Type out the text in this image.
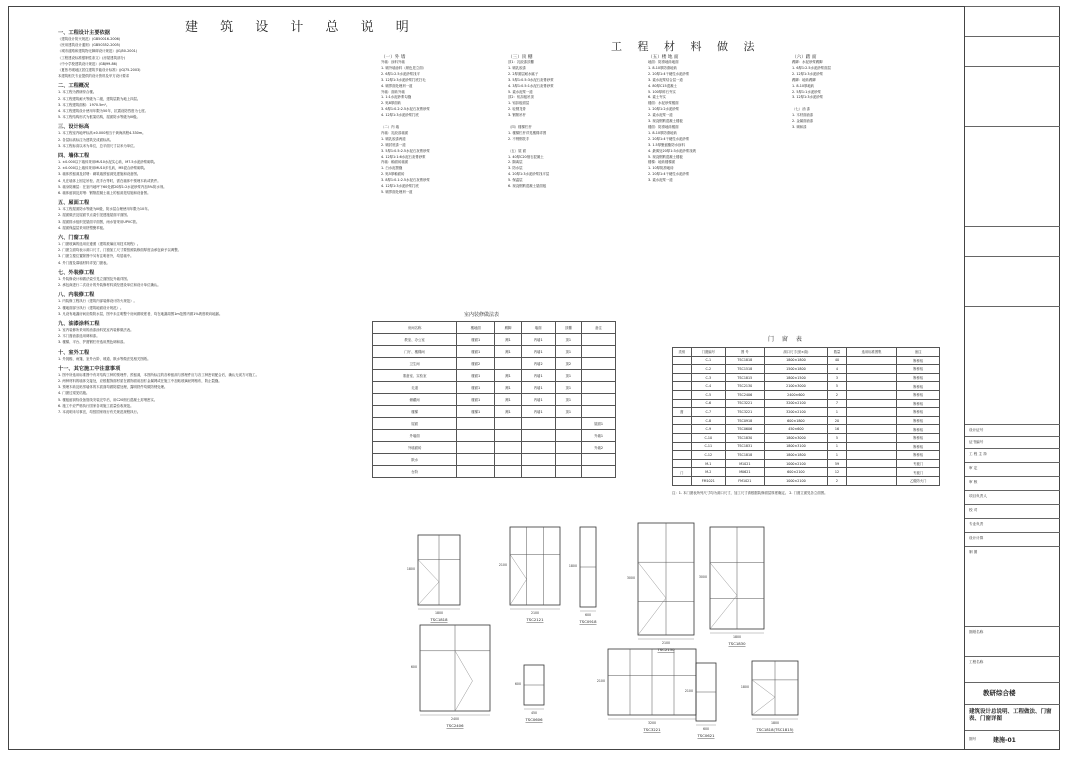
建 筑 设 计 总 说 明
工 程 材 料 做 法
一、工程设计主要依据
《建筑设计防火规范》(GB50016-2006)
《民用建筑设计通则》(GB50352-2005)
《城市道路和建筑物无障碍设计规范》(JGJ50-2001)
《工程建设标准强制性条文》(房屋建筑部分)
《中小学校建筑设计规范》(GBJ99-86)
《夏热冬暖地区居住建筑节能设计标准》(JGJ75-2003)
本建筑相关专业提供的设计资料及甲方设计要求
二、工程概况
1. 本工程为教研综合楼。
2. 本工程建筑耐火等级为二级，建筑层数为地上四层。
3. 本工程建筑面积：1970.5m²。
4. 本工程建筑设计使用年限为50年，抗震设防烈度为七度。
5. 本工程结构形式为框架结构，屋面防水等级为III级。
三、设计标高
1. 本工程室内地坪标高±0.000相当于黄海高程4.330m。
2. 各层标高标注为建筑完成面标高。
3. 本工程标高以米为单位，总平面尺寸以米为单位。
四、墙体工程
1. ±0.000以下墙体采用MU10水泥实心砖，M7.5水泥砂浆砌筑。
2. ±0.000以上墙体采用MU10多孔砖，M5混合砂浆砌筑。
3. 墙体预留洞及封堵：砌筑墙预留洞见建施和设备图。
4. 凡在墙体上固定吊柜、洗手台等时，需在墙体中预埋木砖或铁件。
5. 墙身防潮层：在室内地坪下60处做20厚1:2水泥砂浆内加5%防水剂。
6. 墙体留洞及封堵：钢筋混凝土墙上的留洞见结施和设备图。
五、屋面工程
1. 本工程屋面防水等级为III级，防水层合理使用年限为10年。
2. 屋面做法及屋面节点索引见建施屋面平面图。
3. 屋面排水组织见屋面平面图，雨水管采用UPVC管。
4. 屋面保温层采用挤塑聚苯板。
六、门窗工程
1. 门窗玻璃的选用应遵照《建筑玻璃应用技术规程》。
2. 门窗立面均表示洞口尺寸，门窗加工尺寸要按照装修面厚度由承包商予以调整。
3. 门窗立樘位置除图中另有注明者外，均居墙中。
4. 外门窗及幕墙材料详见门窗表。
七、外装修工程
1. 外装修设计和做法索引见立面图及外墙详图。
2. 承包商进行二次设计的外装修材料须经建设单位和设计单位确认。
八、内装修工程
1. 内装修工程执行《建筑内部装修设计防火规范》。
2. 楼地面部分执行《建筑地面设计规范》。
3. 凡设有地漏房间应做防水层，图中未注明整个房间做坡度者，均在地漏周围1m范围内做1%坡度坡向地漏。
九、油漆涂料工程
1. 室内装修所采用的油漆涂料见室内装修做法表。
2. 木门窗油漆选用调和漆。
3. 楼梯、平台、护窗钢栏杆选用黑色调和漆。
十、室外工程
1. 外挑檐、雨篷、室外台阶、坡道、散水等做法见相关图纸。
十一、其它施工中注意事项
1. 图中所选用标准图中有对结构工种的预埋件、预留洞，本图所标注的各种留洞与预埋件应与各工种密切配合后，确认无误方可施工。
2. 两种材料的墙体交接处，应根据饰面材质在做饰面前加钉金属网或在施工中加贴玻璃丝网格布，防止裂缝。
3. 预埋木砖及贴邻墙体的木质面均做防腐处理，露明铁件均做防锈处理。
4. 门窗过梁见结施。
5. 楼板留洞待设备管线安装完毕后，用C20细石混凝土封堵密实。
6. 施工中应严格执行国家各项施工质量验收规范。
7. 本说明未尽事宜，均按国家现行有关规范规程执行。
（一）外 墙
外墙：涂料外墙
1. 刷外墙涂料（颜色见立面）
2. 6厚1:2.5水泥砂浆找平
3. 12厚1:3水泥砂浆打底扫毛
4. 刷界面处理剂一道
外墙：面砖外墙
1. 1:1水泥砂浆勾缝
2. 贴8厚面砖
3. 6厚1:0.2:2.5水泥石灰膏砂浆
4. 12厚1:3水泥砂浆打底

（二）内 墙
内墙：乳胶漆墙面
1. 刷乳胶漆两道
2. 刷封底漆一道
3. 5厚1:0.5:2.5水泥石灰膏砂浆
4. 12厚1:1:6水泥石灰膏砂浆
内墙：釉面砖墙面
1. 白水泥擦缝
2. 贴5厚釉面砖
3. 8厚1:0.1:2.5水泥石灰膏砂浆
4. 12厚1:3水泥砂浆打底
5. 刷界面处理剂一道
（三）顶 棚
顶1：乳胶漆顶棚
1. 刷乳胶漆
2. 2厚面层耐水腻子
3. 5厚1:0.5:3水泥石灰膏砂浆
4. 3厚1:0.5:1水泥石灰膏砂浆
5. 素水泥浆一道
顶2：铝扣板吊顶
1. 铝扣板面层
2. 轻钢龙骨
3. 钢筋吊杆

（四）楼梯栏杆
1. 楼梯栏杆详见楼梯详图
2. 不锈钢扶手

（五）屋 面
1. 40厚C20细石混凝土
2. 隔离层
3. 防水层
4. 20厚1:3水泥砂浆找平层
5. 保温层
6. 现浇钢筋混凝土屋面板
（五）楼 地 面
地面：防滑地砖地面
1. 8-10厚防滑地砖
2. 20厚1:4干硬性水泥砂浆
3. 素水泥浆结合层一道
4. 80厚C15混凝土
5. 100厚碎石夯实
6. 素土夯实
楼面：水泥砂浆楼面
1. 20厚1:2水泥砂浆
2. 素水泥浆一道
3. 现浇钢筋混凝土楼板
楼面：防滑地砖楼面
1. 8-10厚防滑地砖
2. 20厚1:4干硬性水泥砂浆
3. 1.5厚聚氨酯防水涂料
4. 最薄处20厚1:3水泥砂浆找坡
5. 现浇钢筋混凝土楼板
楼梯：地砖楼梯面
1. 10厚防滑地砖
2. 20厚1:4干硬性水泥砂浆
3. 素水泥浆一道
（六）踏 面
踢脚：水泥砂浆踢脚
1. 6厚1:2.5水泥砂浆面层
2. 12厚1:3水泥砂浆
踢脚：地砖踢脚
1. 8-10厚地砖
2. 5厚1:1水泥砂浆
3. 12厚1:3水泥砂浆

（七）油 漆
1. 木材面油漆
2. 金属面油漆
3. 调和漆
室内装修做法表
房间名称	楼地面	踢脚	墙面	顶棚	备注
教室、办公室	楼面1	踢1	内墙1	顶1	
门厅、楼梯间	楼面1	踢1	内墙1	顶1	
卫生间	楼面2		内墙2	顶2	
准备室、实验室	楼面1	踢1	内墙1	顶1	
走道	楼面1	踢1	内墙1	顶1	
储藏间	楼面1	踢1	内墙1	顶1	
楼梯	楼梯1	踢1	内墙1	顶1	
屋面					屋面1
外墙面					外墙1
外墙面砖					外墙2
散水					
台阶					
门 窗 表
类别	门窗编号	图 号	洞口尺寸(宽×高)	数量	选用标准图集	备注
	C-1	TSC1818	1800×1800	40		断桥铝
	C-2	TSC1518	1500×1800	4		断桥铝
	C-3	TSC1815	1800×1500	3		断桥铝
	C-4	TSC2130	2100×3000	5		断桥铝
	C-5	TSC2406	2400×600	2		断桥铝
	C-6	TSC3221	3200×2100	7		断桥铝
窗	C-7	TSC3221	3200×2100	1		断桥铝
	C-8	TSC0918	600×1800	20		断桥铝
	C-9	TSC0606	450×600	16		断桥铝
	C-10	TSC1830	1800×3000	5		断桥铝
	C-11	TSC1831	1800×3100	1		断桥铝
	C-12	TSC1818	1800×1800	1		断桥铝
	M-1	M1021	1000×2100	59		夹板门
门	M-2	M0621	600×2100	12		夹板门
	FM1021	FM1021	1000×2100	2		乙级防火门
注：1. 本门窗表所列尺寸均为洞口尺寸，加工尺寸请根据装修面层厚度确定。 2. 门窗立面见各立面图。
1800
1800
TSC1818
2100
2100
TSC2121
600
1800
TSC0918
2100
3000
TSC2130
1800
3000
TSC1830
2400
600
TSC2406
450
600
TSC0606
3200
2100
TSC3221	600
2100
TSC0621
1800
1800
TSC1818(TSC1815)
教研综合楼
建筑设计总说明、工程做法、门窗表、门窗详图
图号	建施-01
设计证号
证书编号
工 程 主 持
审 定
审 核
项目负责人
校 对
专业负责
设计计算
制 图
图纸名称
工程名称
